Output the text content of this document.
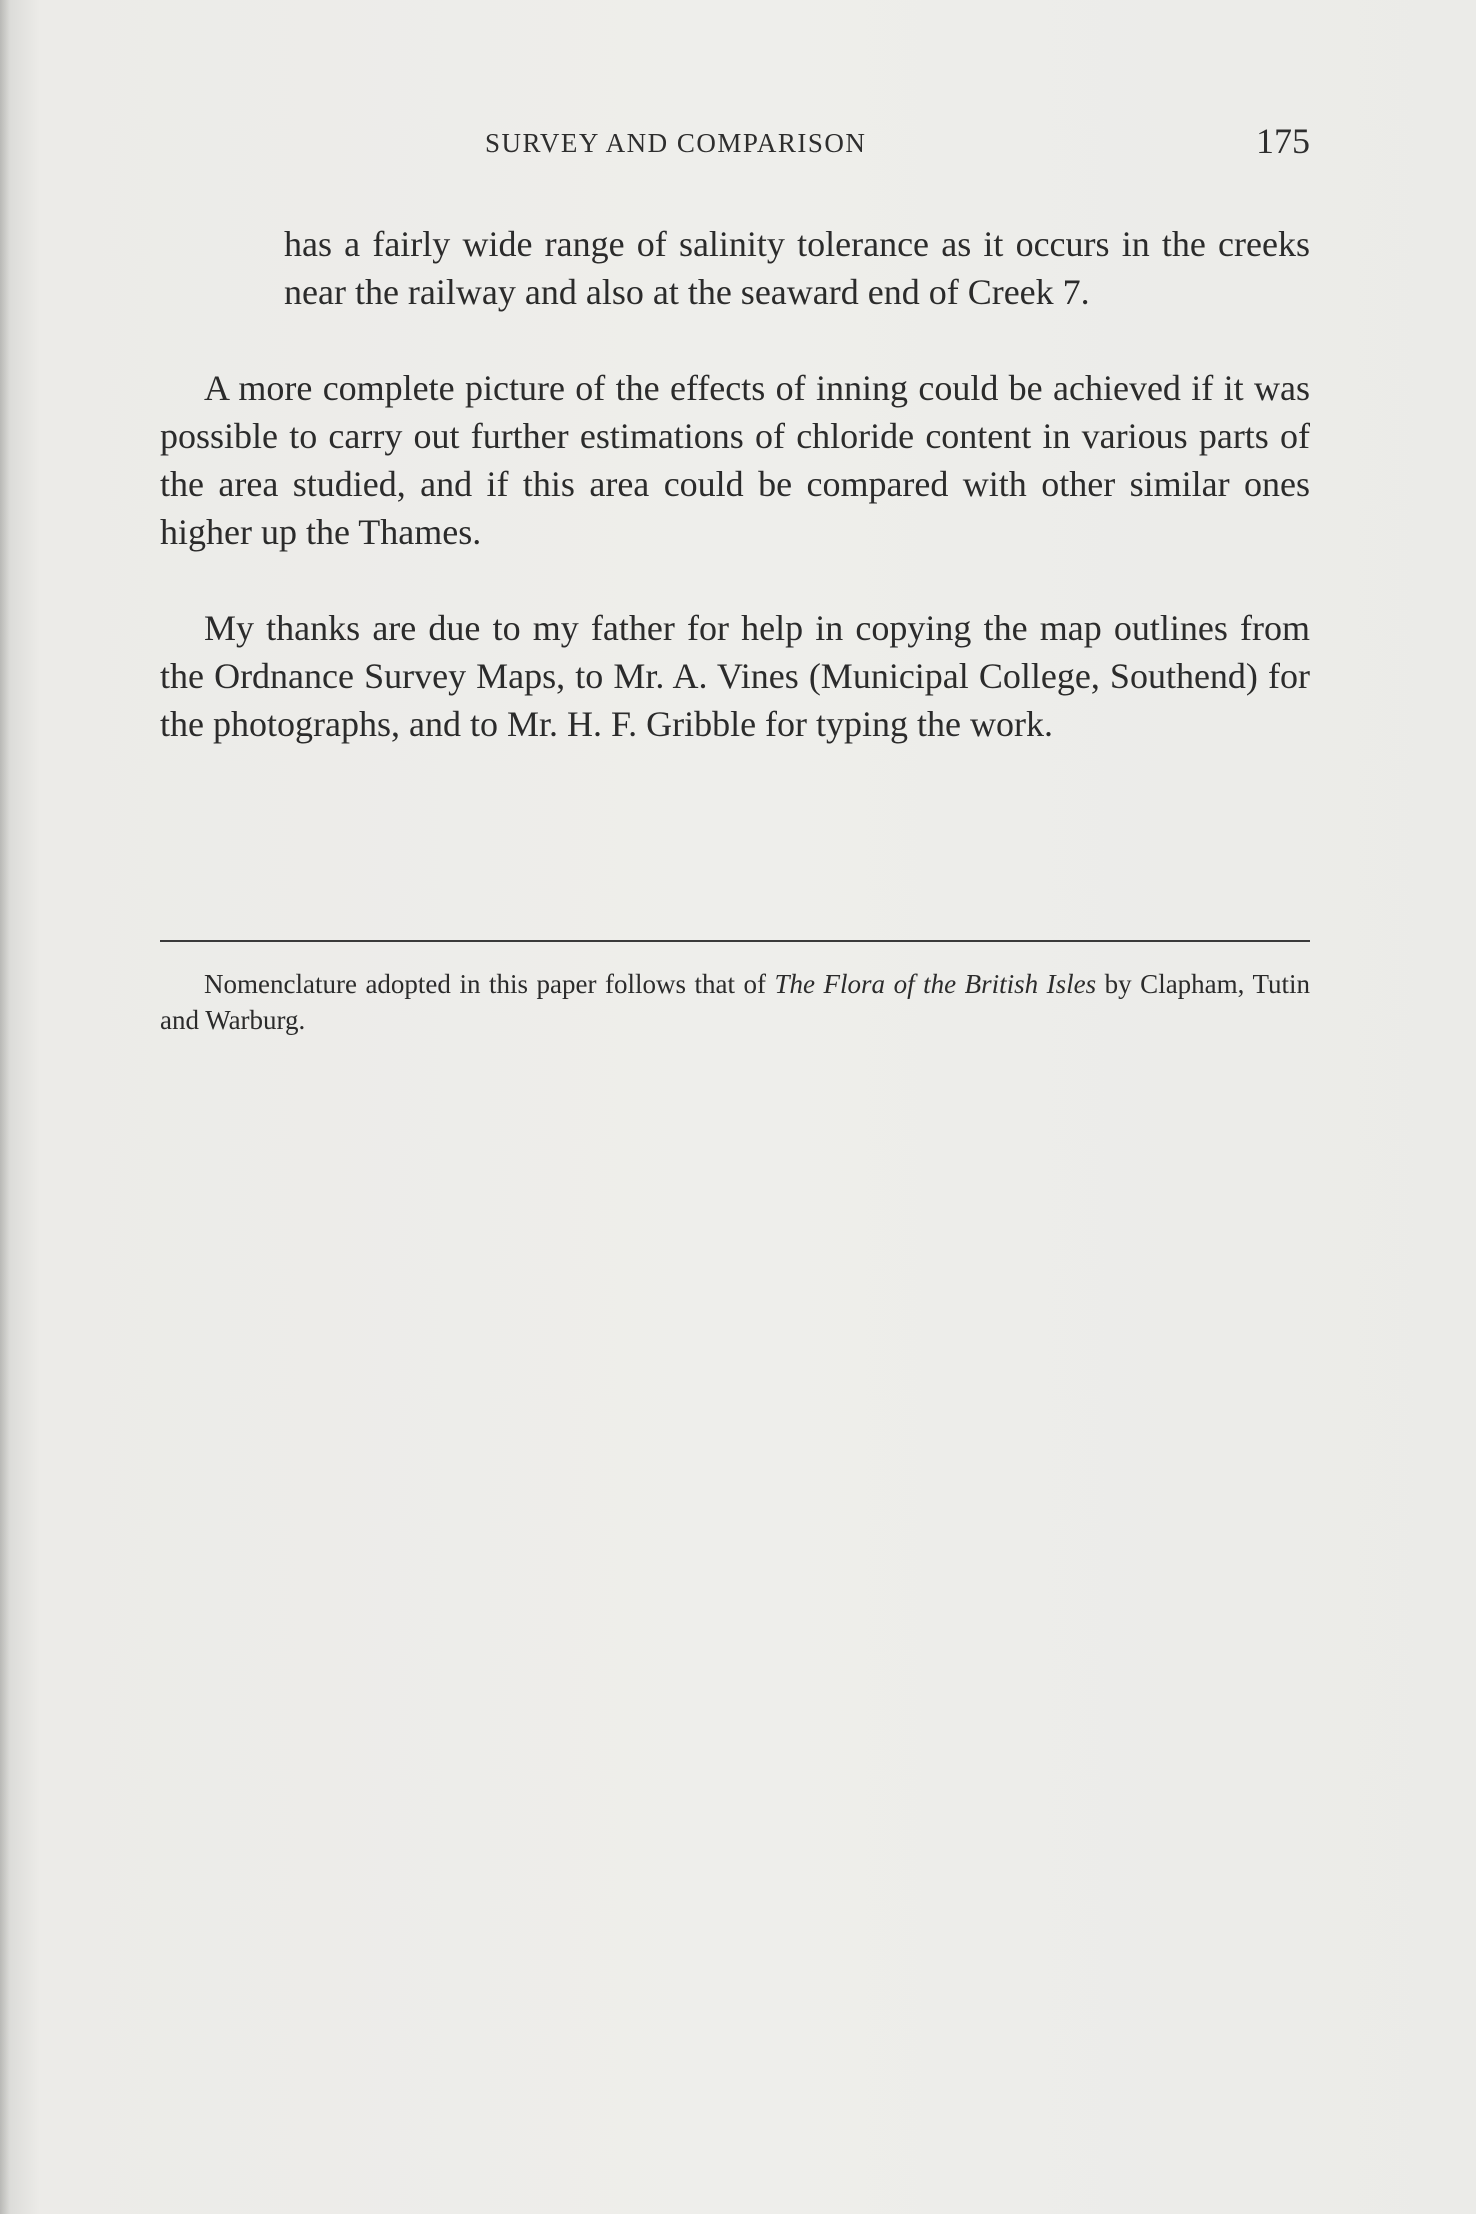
SURVEY AND COMPARISON	175

has a fairly wide range of salinity tolerance as it occurs in the creeks near the railway and also at the seaward end of Creek 7.

A more complete picture of the effects of inning could be achieved if it was possible to carry out further estimations of chloride content in various parts of the area studied, and if this area could be compared with other similar ones higher up the Thames.

My thanks are due to my father for help in copying the map outlines from the Ordnance Survey Maps, to Mr. A. Vines (Municipal College, Southend) for the photographs, and to Mr. H. F. Gribble for typing the work.

Nomenclature adopted in this paper follows that of The Flora of the British Isles by Clapham, Tutin and Warburg.
